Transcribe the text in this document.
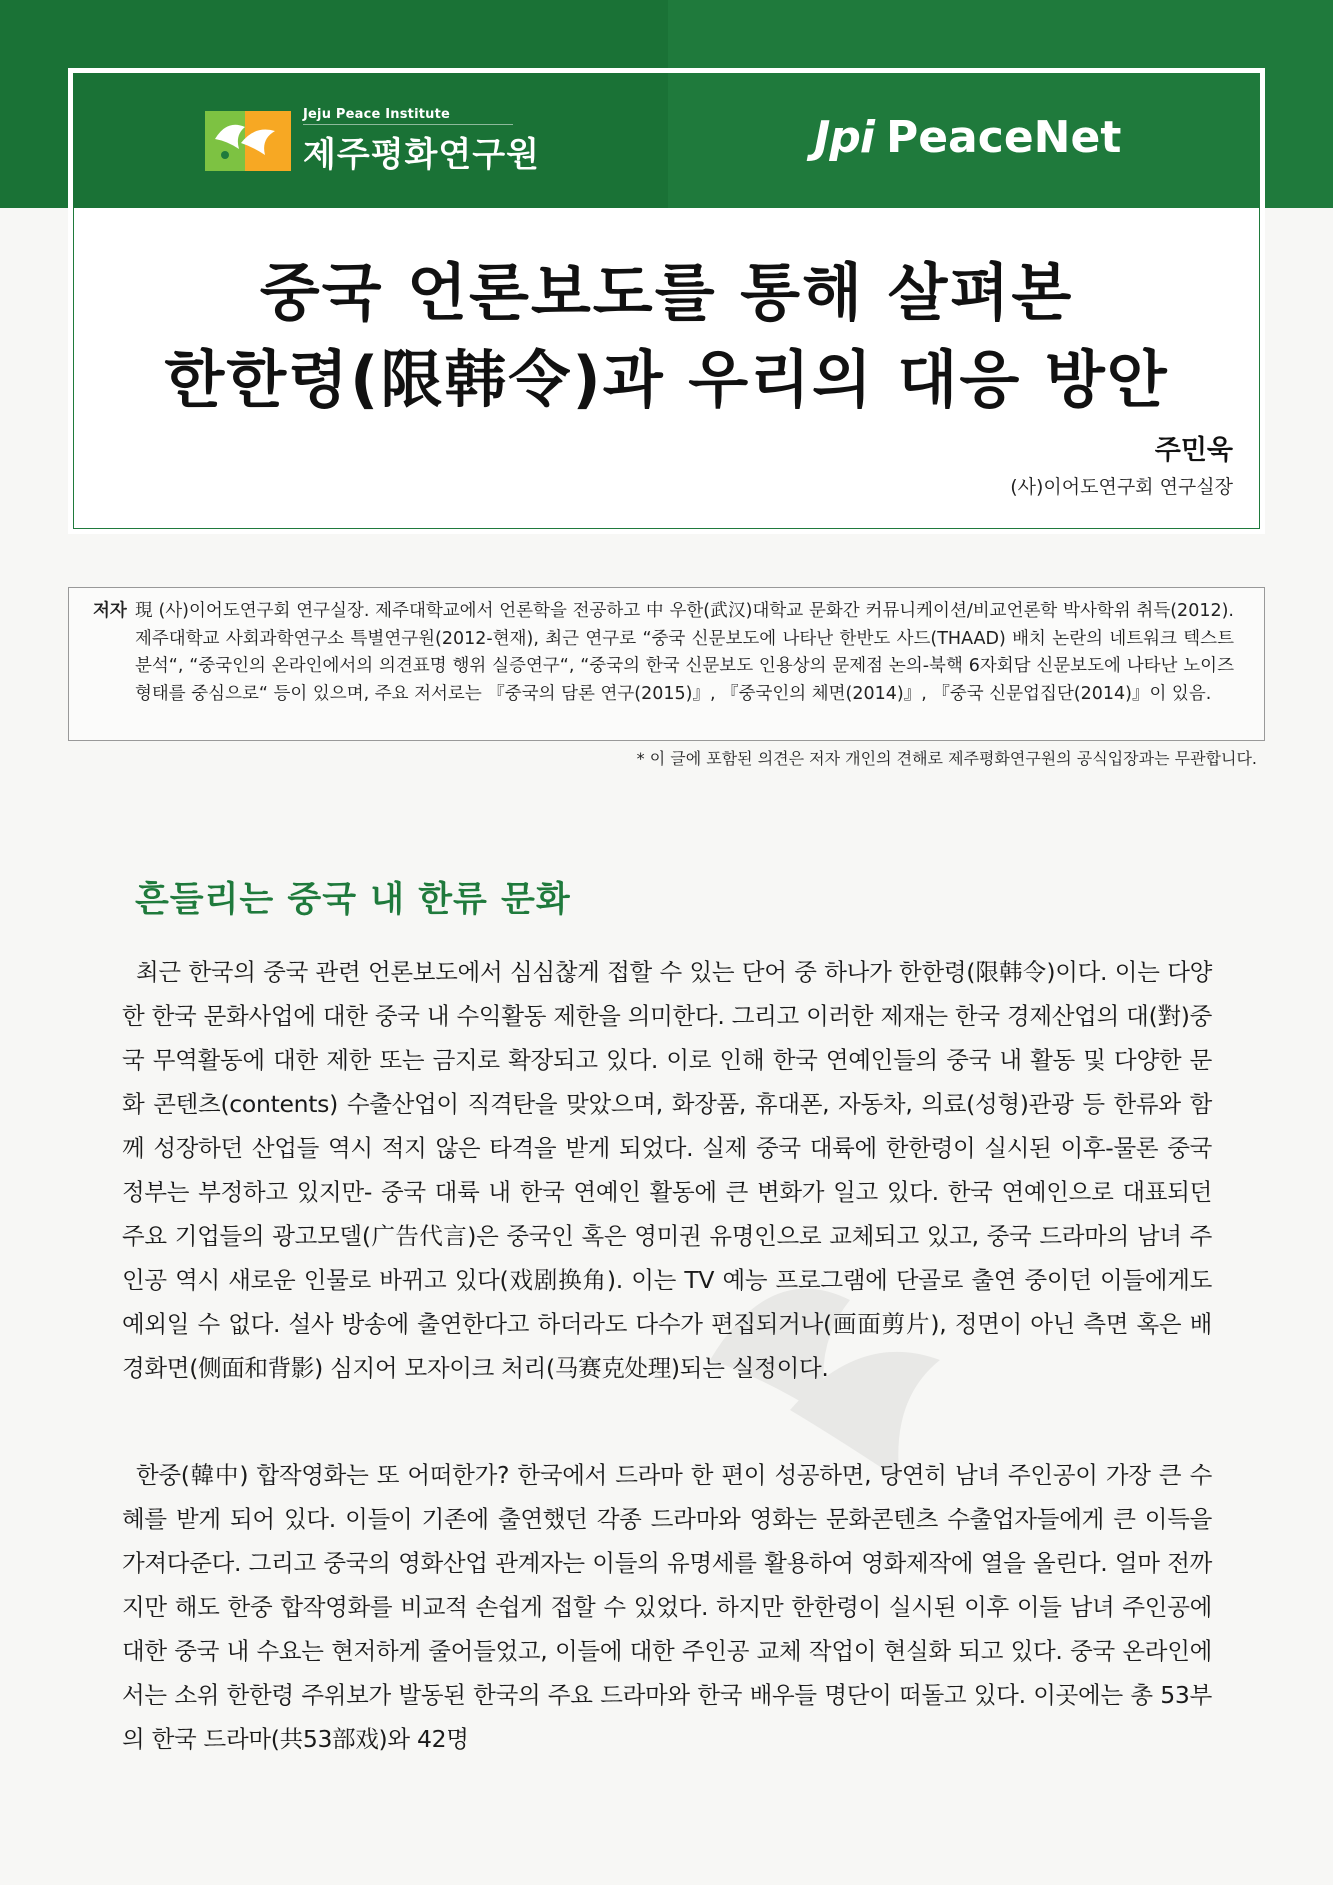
Jeju Peace Institute
제주평화연구원	Jpi PeaceNet
중국 언론보도를 통해 살펴본
한한령(限韩令)과 우리의 대응 방안
주민욱
(사)이어도연구회 연구실장
저자 現 (사)이어도연구회 연구실장. 제주대학교에서 언론학을 전공하고 中 우한(武汉)대학교 문화간 커뮤니케이션/비교언론학 박사학위 취득(2012). 제주대학교 사회과학연구소 특별연구원(2012-현재), 최근 연구로 “중국 신문보도에 나타난 한반도 사드(THAAD) 배치 논란의 네트워크 텍스트 분석“, “중국인의 온라인에서의 의견표명 행위 실증연구“, “중국의 한국 신문보도 인용상의 문제점 논의-북핵 6자회담 신문보도에 나타난 노이즈 형태를 중심으로“ 등이 있으며, 주요 저서로는 『중국의 담론 연구(2015)』, 『중국인의 체면(2014)』, 『중국 신문업집단(2014)』이 있음.
* 이 글에 포함된 의견은 저자 개인의 견해로 제주평화연구원의 공식입장과는 무관합니다.
흔들리는 중국 내 한류 문화
최근 한국의 중국 관련 언론보도에서 심심찮게 접할 수 있는 단어 중 하나가 한한령(限韩令)이다. 이는 다양한 한국 문화사업에 대한 중국 내 수익활동 제한을 의미한다. 그리고 이러한 제재는 한국 경제산업의 대(對)중국 무역활동에 대한 제한 또는 금지로 확장되고 있다. 이로 인해 한국 연예인들의 중국 내 활동 및 다양한 문화 콘텐츠(contents) 수출산업이 직격탄을 맞았으며, 화장품, 휴대폰, 자동차, 의료(성형)관광 등 한류와 함께 성장하던 산업들 역시 적지 않은 타격을 받게 되었다. 실제 중국 대륙에 한한령이 실시된 이후-물론 중국 정부는 부정하고 있지만- 중국 대륙 내 한국 연예인 활동에 큰 변화가 일고 있다. 한국 연예인으로 대표되던 주요 기업들의 광고모델(广告代言)은 중국인 혹은 영미권 유명인으로 교체되고 있고, 중국 드라마의 남녀 주인공 역시 새로운 인물로 바뀌고 있다(戏剧换角). 이는 TV 예능 프로그램에 단골로 출연 중이던 이들에게도 예외일 수 없다. 설사 방송에 출연한다고 하더라도 다수가 편집되거나(画面剪片), 정면이 아닌 측면 혹은 배경화면(侧面和背影) 심지어 모자이크 처리(马赛克处理)되는 실정이다.
한중(韓中) 합작영화는 또 어떠한가? 한국에서 드라마 한 편이 성공하면, 당연히 남녀 주인공이 가장 큰 수혜를 받게 되어 있다. 이들이 기존에 출연했던 각종 드라마와 영화는 문화콘텐츠 수출업자들에게 큰 이득을 가져다준다. 그리고 중국의 영화산업 관계자는 이들의 유명세를 활용하여 영화제작에 열을 올린다. 얼마 전까지만 해도 한중 합작영화를 비교적 손쉽게 접할 수 있었다. 하지만 한한령이 실시된 이후 이들 남녀 주인공에 대한 중국 내 수요는 현저하게 줄어들었고, 이들에 대한 주인공 교체 작업이 현실화 되고 있다. 중국 온라인에서는 소위 한한령 주위보가 발동된 한국의 주요 드라마와 한국 배우들 명단이 떠돌고 있다. 이곳에는 총 53부의 한국 드라마(共53部戏)와 42명
